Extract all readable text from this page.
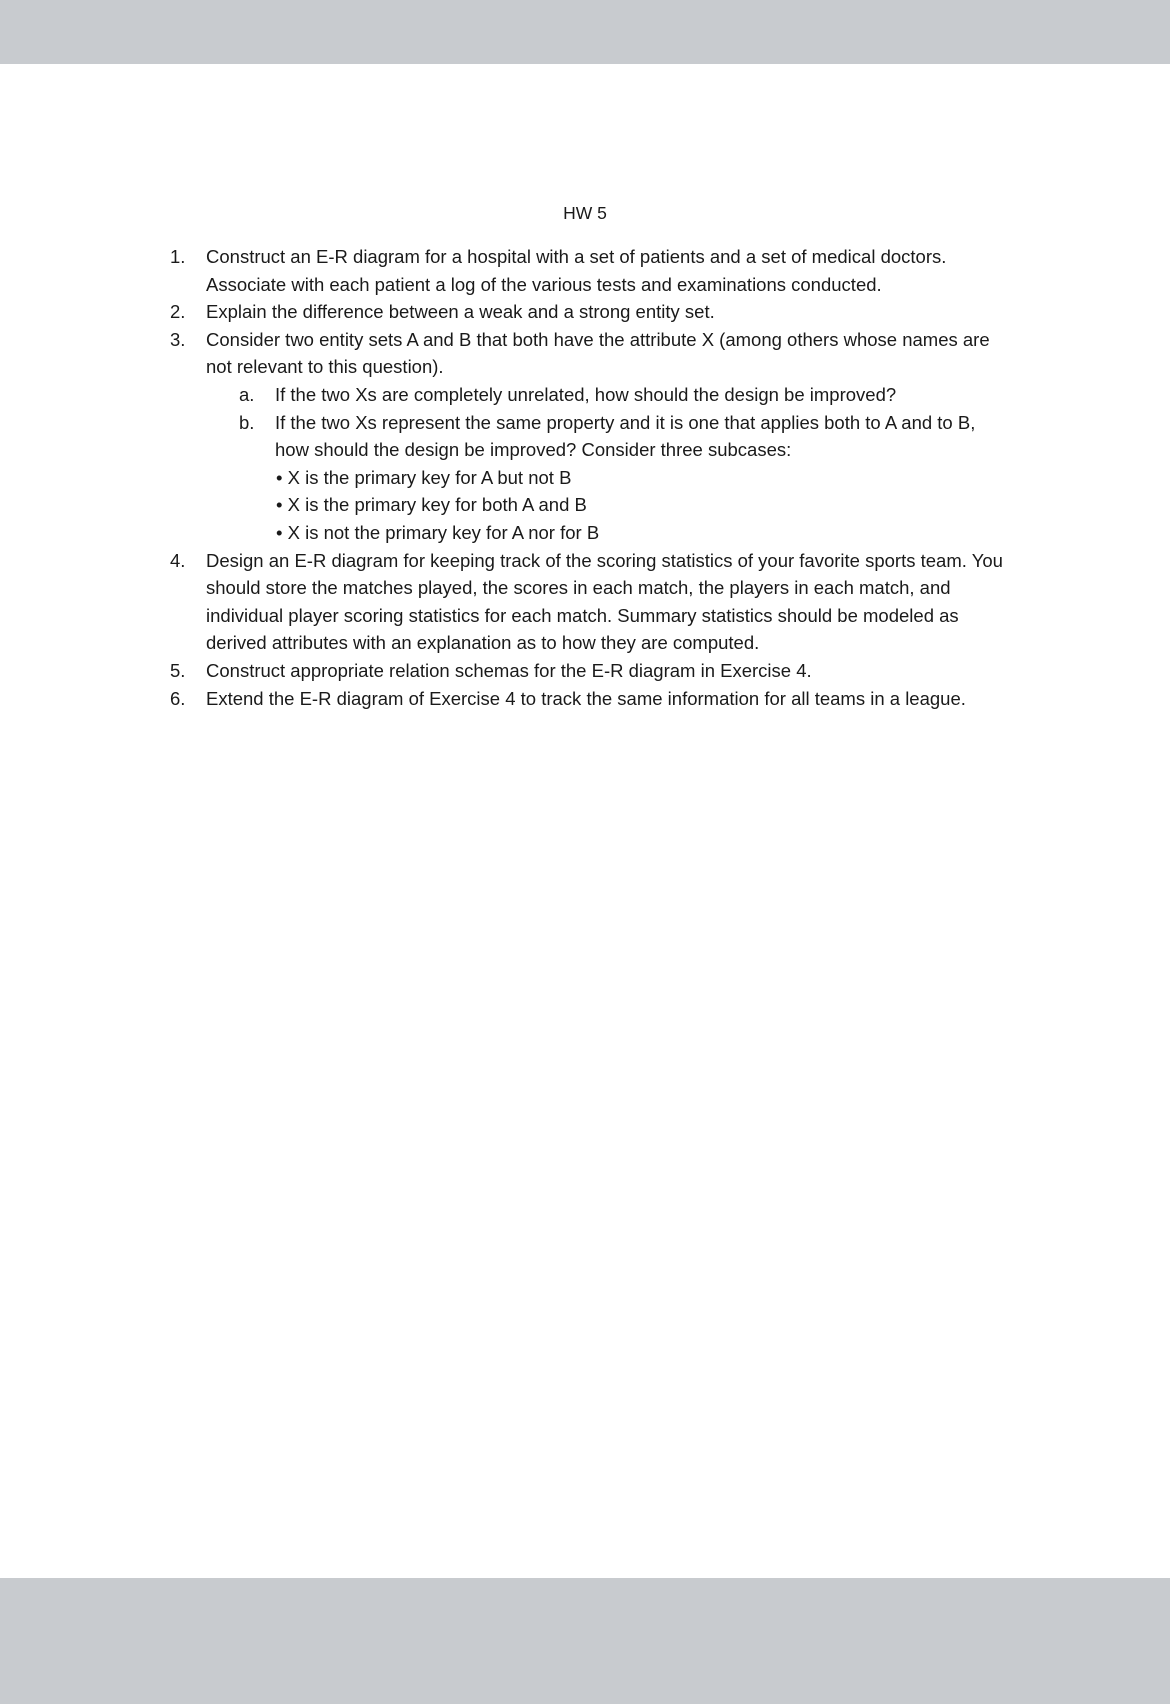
HW 5
1.	Construct an E-R diagram for a hospital with a set of patients and a set of medical doctors.
Associate with each patient a log of the various tests and examinations conducted.
2.	Explain the difference between a weak and a strong entity set.
3.	Consider two entity sets A and B that both have the attribute X (among others whose names are
not relevant to this question).
a.	If the two Xs are completely unrelated, how should the design be improved?
b.	If the two Xs represent the same property and it is one that applies both to A and to B,
how should the design be improved? Consider three subcases:
• X is the primary key for A but not B
• X is the primary key for both A and B
• X is not the primary key for A nor for B
4.	Design an E-R diagram for keeping track of the scoring statistics of your favorite sports team. You
should store the matches played, the scores in each match, the players in each match, and
individual player scoring statistics for each match. Summary statistics should be modeled as
derived attributes with an explanation as to how they are computed.
5.	Construct appropriate relation schemas for the E-R diagram in Exercise 4.
6.	Extend the E-R diagram of Exercise 4 to track the same information for all teams in a league.
